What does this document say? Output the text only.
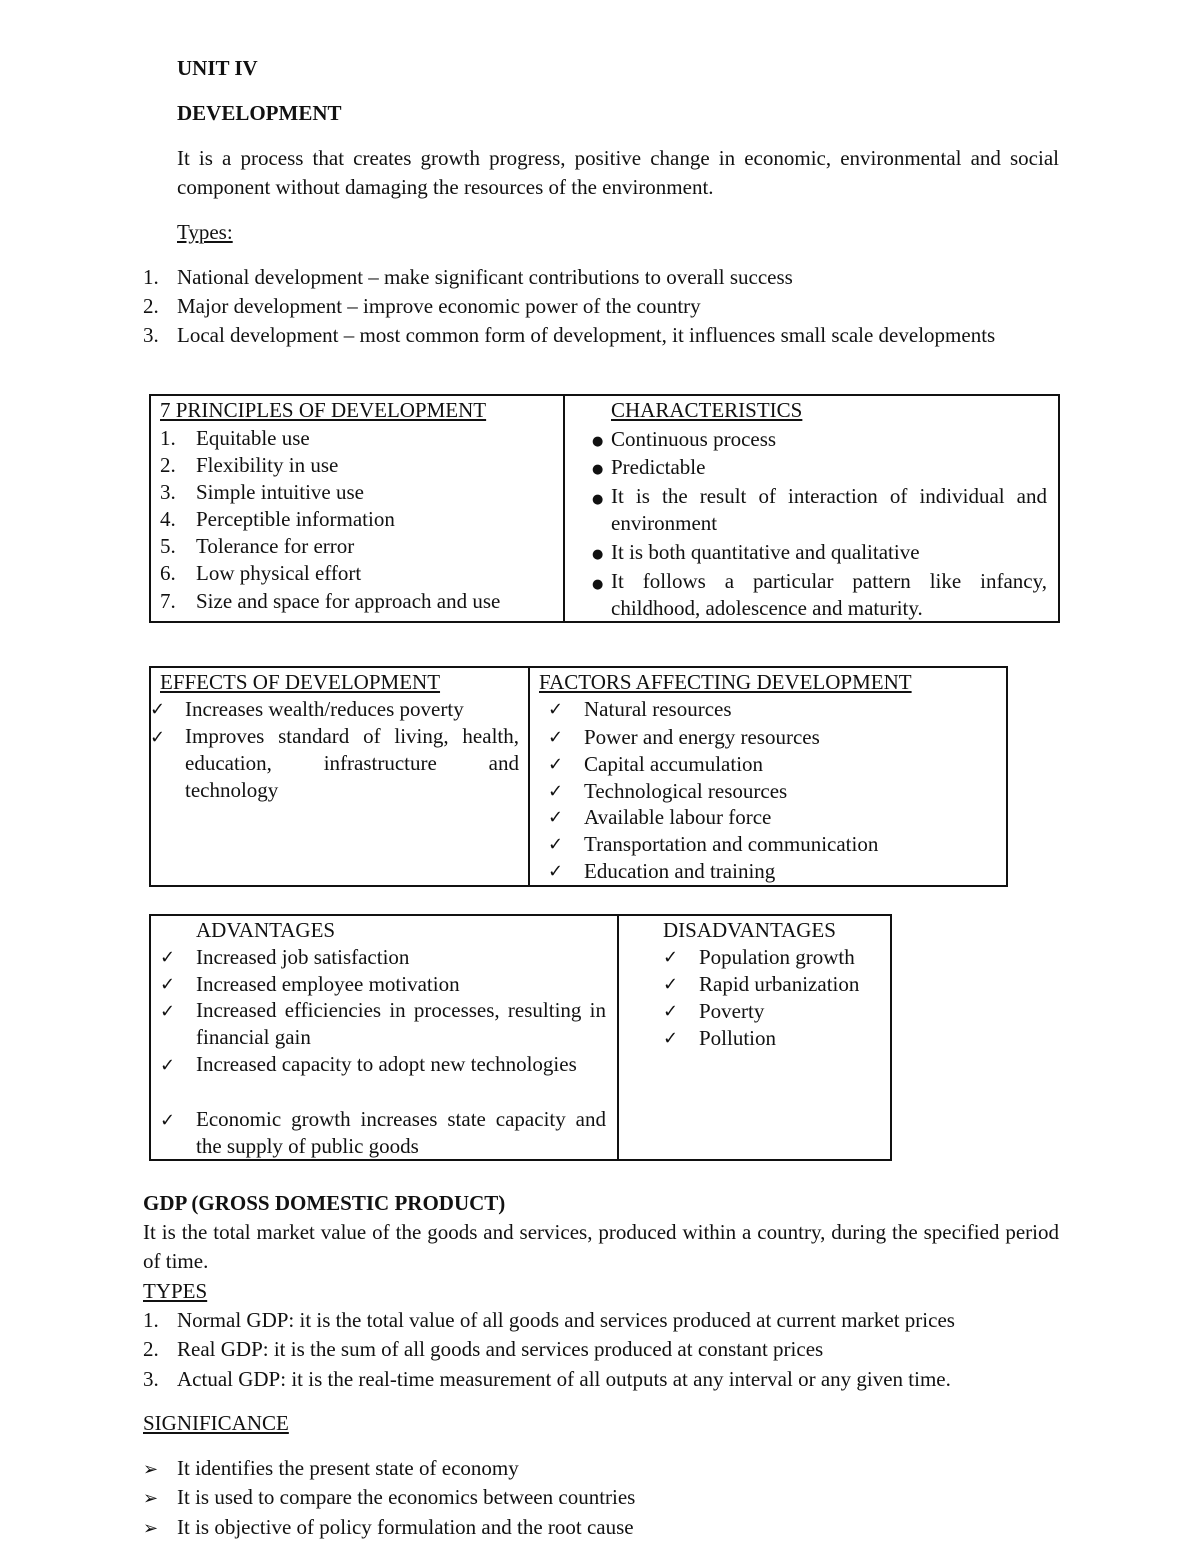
UNIT IV
DEVELOPMENT
It is a process that creates growth progress, positive change in economic, environmental and social component without damaging the resources of the environment.
Types:
1. National development – make significant contributions to overall success
2. Major development – improve economic power of the country
3. Local development – most common form of development, it influences small scale developments
7 PRINCIPLES OF DEVELOPMENT
1. Equitable use
2. Flexibility in use
3. Simple intuitive use
4. Perceptible information
5. Tolerance for error
6. Low physical effort
7. Size and space for approach and use
CHARACTERISTICS
● Continuous process
● Predictable
● It is the result of interaction of individual and environment
● It is both quantitative and qualitative
● It follows a particular pattern like infancy, childhood, adolescence and maturity.
EFFECTS OF DEVELOPMENT
✓ Increases wealth/reduces poverty
✓ Improves standard of living, health, education, infrastructure and technology
FACTORS AFFECTING DEVELOPMENT
✓ Natural resources
✓ Power and energy resources
✓ Capital accumulation
✓ Technological resources
✓ Available labour force
✓ Transportation and communication
✓ Education and training
ADVANTAGES
✓ Increased job satisfaction
✓ Increased employee motivation
✓ Increased efficiencies in processes, resulting in financial gain
✓ Increased capacity to adopt new technologies
✓ Economic growth increases state capacity and the supply of public goods
DISADVANTAGES
✓ Population growth
✓ Rapid urbanization
✓ Poverty
✓ Pollution
GDP (GROSS DOMESTIC PRODUCT)
It is the total market value of the goods and services, produced within a country, during the specified period of time.
TYPES
1. Normal GDP: it is the total value of all goods and services produced at current market prices
2. Real GDP: it is the sum of all goods and services produced at constant prices
3. Actual GDP: it is the real-time measurement of all outputs at any interval or any given time.
SIGNIFICANCE
➢ It identifies the present state of economy
➢ It is used to compare the economics between countries
➢ It is objective of policy formulation and the root cause
